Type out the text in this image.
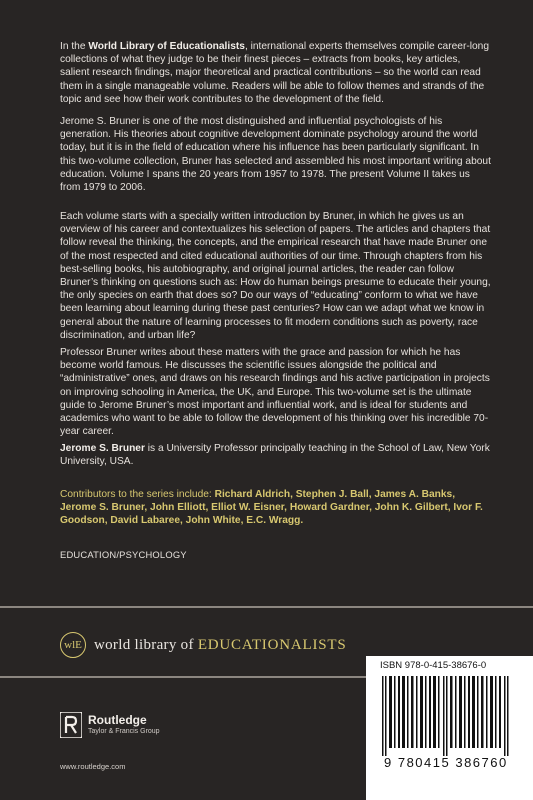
In the World Library of Educationalists, international experts themselves compile career-long collections of what they judge to be their finest pieces – extracts from books, key articles, salient research findings, major theoretical and practical contributions – so the world can read them in a single manageable volume. Readers will be able to follow themes and strands of the topic and see how their work contributes to the development of the field.

Jerome S. Bruner is one of the most distinguished and influential psychologists of his generation. His theories about cognitive development dominate psychology around the world today, but it is in the field of education where his influence has been particularly significant. In this two-volume collection, Bruner has selected and assembled his most important writing about education. Volume I spans the 20 years from 1957 to 1978. The present Volume II takes us from 1979 to 2006.

Each volume starts with a specially written introduction by Bruner, in which he gives us an overview of his career and contextualizes his selection of papers. The articles and chapters that follow reveal the thinking, the concepts, and the empirical research that have made Bruner one of the most respected and cited educational authorities of our time. Through chapters from his best-selling books, his autobiography, and original journal articles, the reader can follow Bruner’s thinking on questions such as: How do human beings presume to educate their young, the only species on earth that does so? Do our ways of “educating” conform to what we have been learning about learning during these past centuries? How can we adapt what we know in general about the nature of learning processes to fit modern conditions such as poverty, race discrimination, and urban life?

Professor Bruner writes about these matters with the grace and passion for which he has become world famous. He discusses the scientific issues alongside the political and “administrative” ones, and draws on his research findings and his active participation in projects on improving schooling in America, the UK, and Europe. This two-volume set is the ultimate guide to Jerome Bruner’s most important and influential work, and is ideal for students and academics who want to be able to follow the development of his thinking over his incredible 70-year career.

Jerome S. Bruner is a University Professor principally teaching in the School of Law, New York University, USA.

Contributors to the series include: Richard Aldrich, Stephen J. Ball, James A. Banks, Jerome S. Bruner, John Elliott, Elliot W. Eisner, Howard Gardner, John K. Gilbert, Ivor F. Goodson, David Labaree, John White, E.C. Wragg.

EDUCATION/PSYCHOLOGY
wlE world library of EDUCATIONALISTS
Routledge
Taylor & Francis Group
www.routledge.com
ISBN 978-0-415-38676-0
9 780415 386760
